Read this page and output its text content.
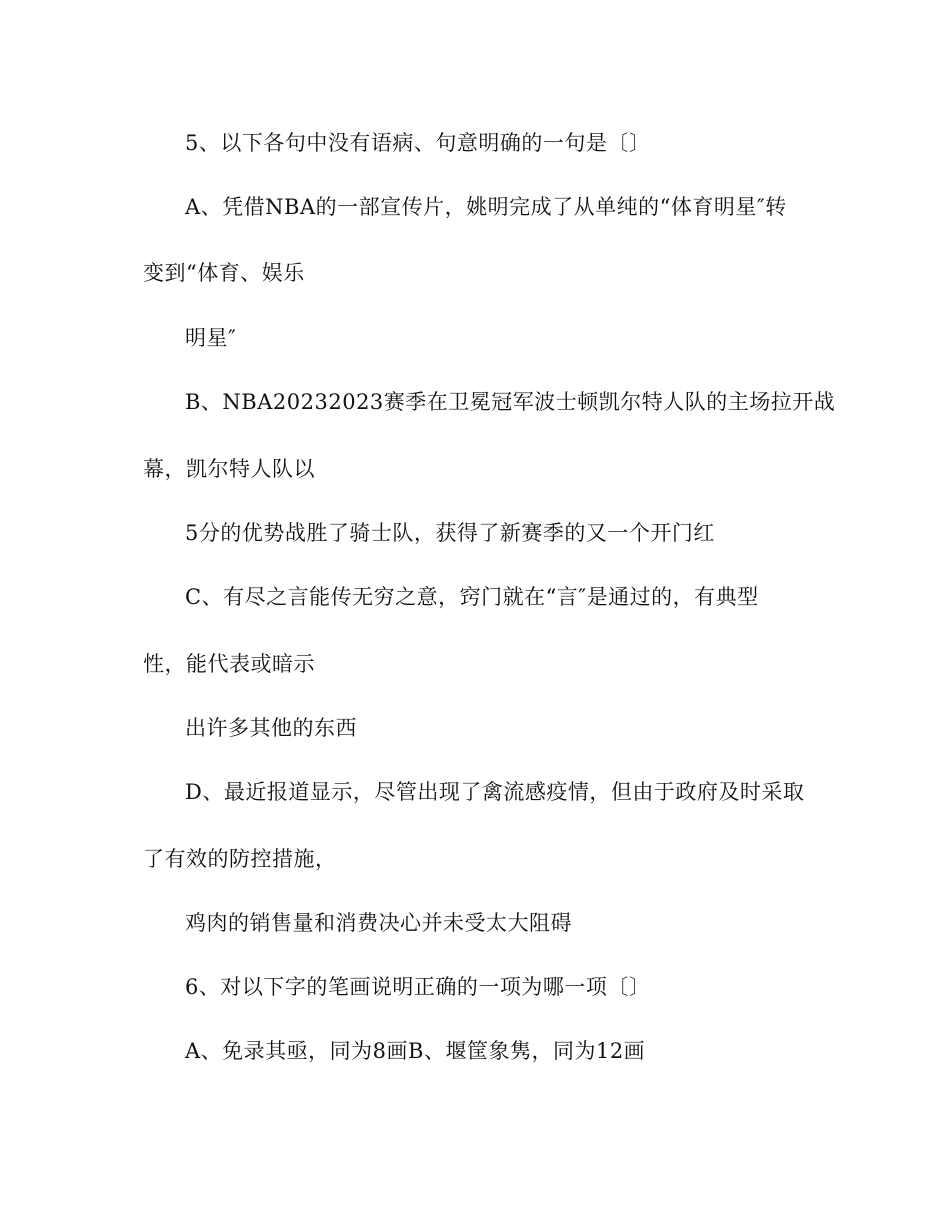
5、以下各句中没有语病、句意明确的一句是〔〕
A、凭借NBA的一部宣传片，姚明完成了从单纯的“体育明星″转
变到“体育、娱乐
明星″
B、NBA20232023赛季在卫冕冠军波士顿凯尔特人队的主场拉开战
幕，凯尔特人队以
5分的优势战胜了骑士队，获得了新赛季的又一个开门红
C、有尽之言能传无穷之意，窍门就在“言″是通过的，有典型
性，能代表或暗示
出许多其他的东西
D、最近报道显示，尽管出现了禽流感疫情，但由于政府及时采取
了有效的防控措施，
鸡肉的销售量和消费决心并未受太大阻碍
6、对以下字的笔画说明正确的一项为哪一项〔〕
A、免录其亟，同为8画B、堰筐象隽，同为12画
